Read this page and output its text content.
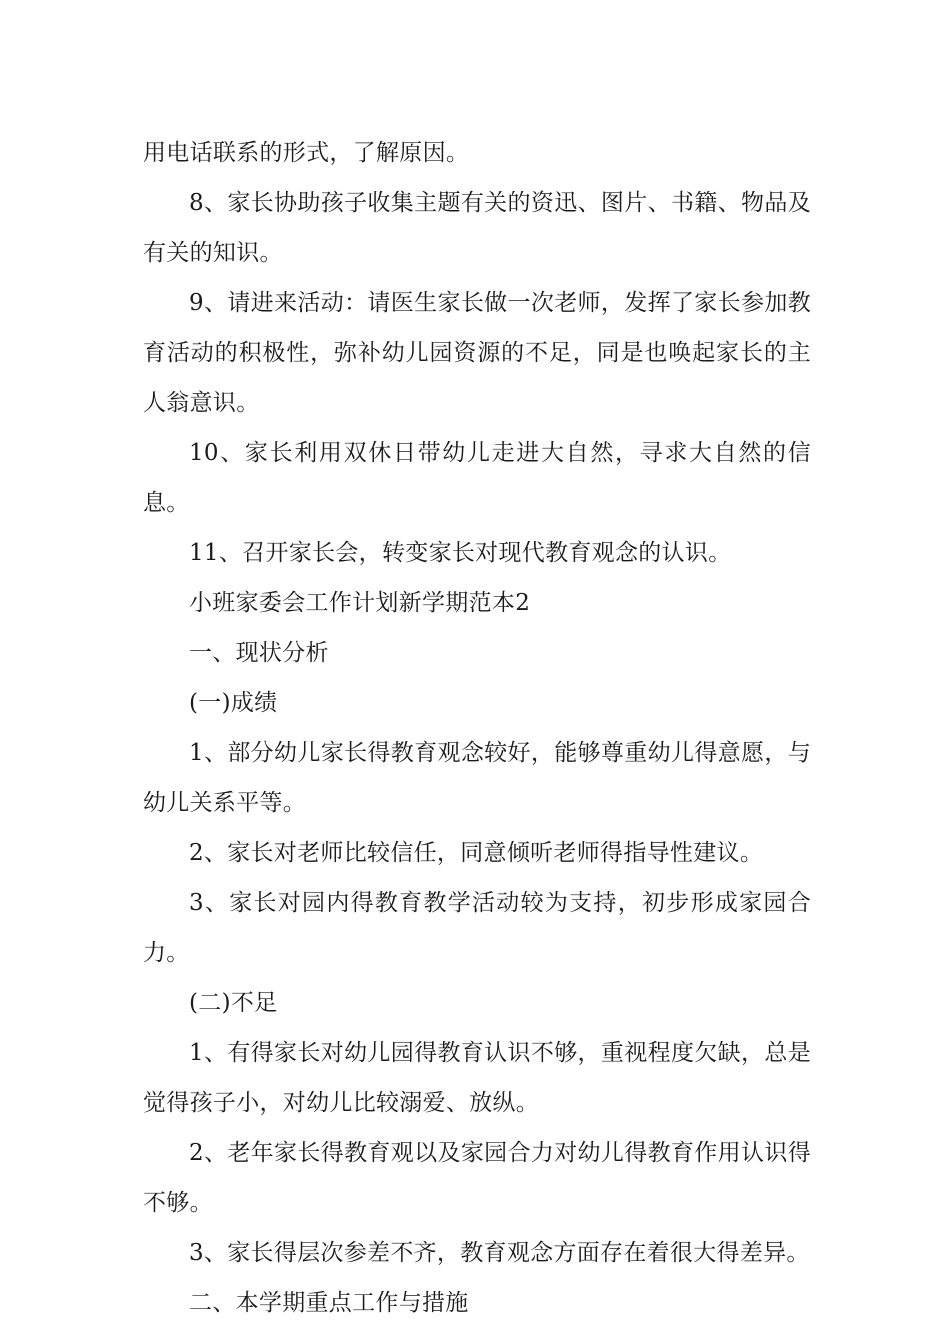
用电话联系的形式，了解原因。

8、家长协助孩子收集主题有关的资迅、图片、书籍、物品及有关的知识。

9、请进来活动：请医生家长做一次老师，发挥了家长参加教育活动的积极性，弥补幼儿园资源的不足，同是也唤起家长的主人翁意识。

10、家长利用双休日带幼儿走进大自然，寻求大自然的信息。

11、召开家长会，转变家长对现代教育观念的认识。

小班家委会工作计划新学期范本2

一、现状分析

(一)成绩

1、部分幼儿家长得教育观念较好，能够尊重幼儿得意愿，与幼儿关系平等。

2、家长对老师比较信任，同意倾听老师得指导性建议。

3、家长对园内得教育教学活动较为支持，初步形成家园合力。

(二)不足

1、有得家长对幼儿园得教育认识不够，重视程度欠缺，总是觉得孩子小，对幼儿比较溺爱、放纵。

2、老年家长得教育观以及家园合力对幼儿得教育作用认识得不够。

3、家长得层次参差不齐，教育观念方面存在着很大得差异。

二、本学期重点工作与措施
